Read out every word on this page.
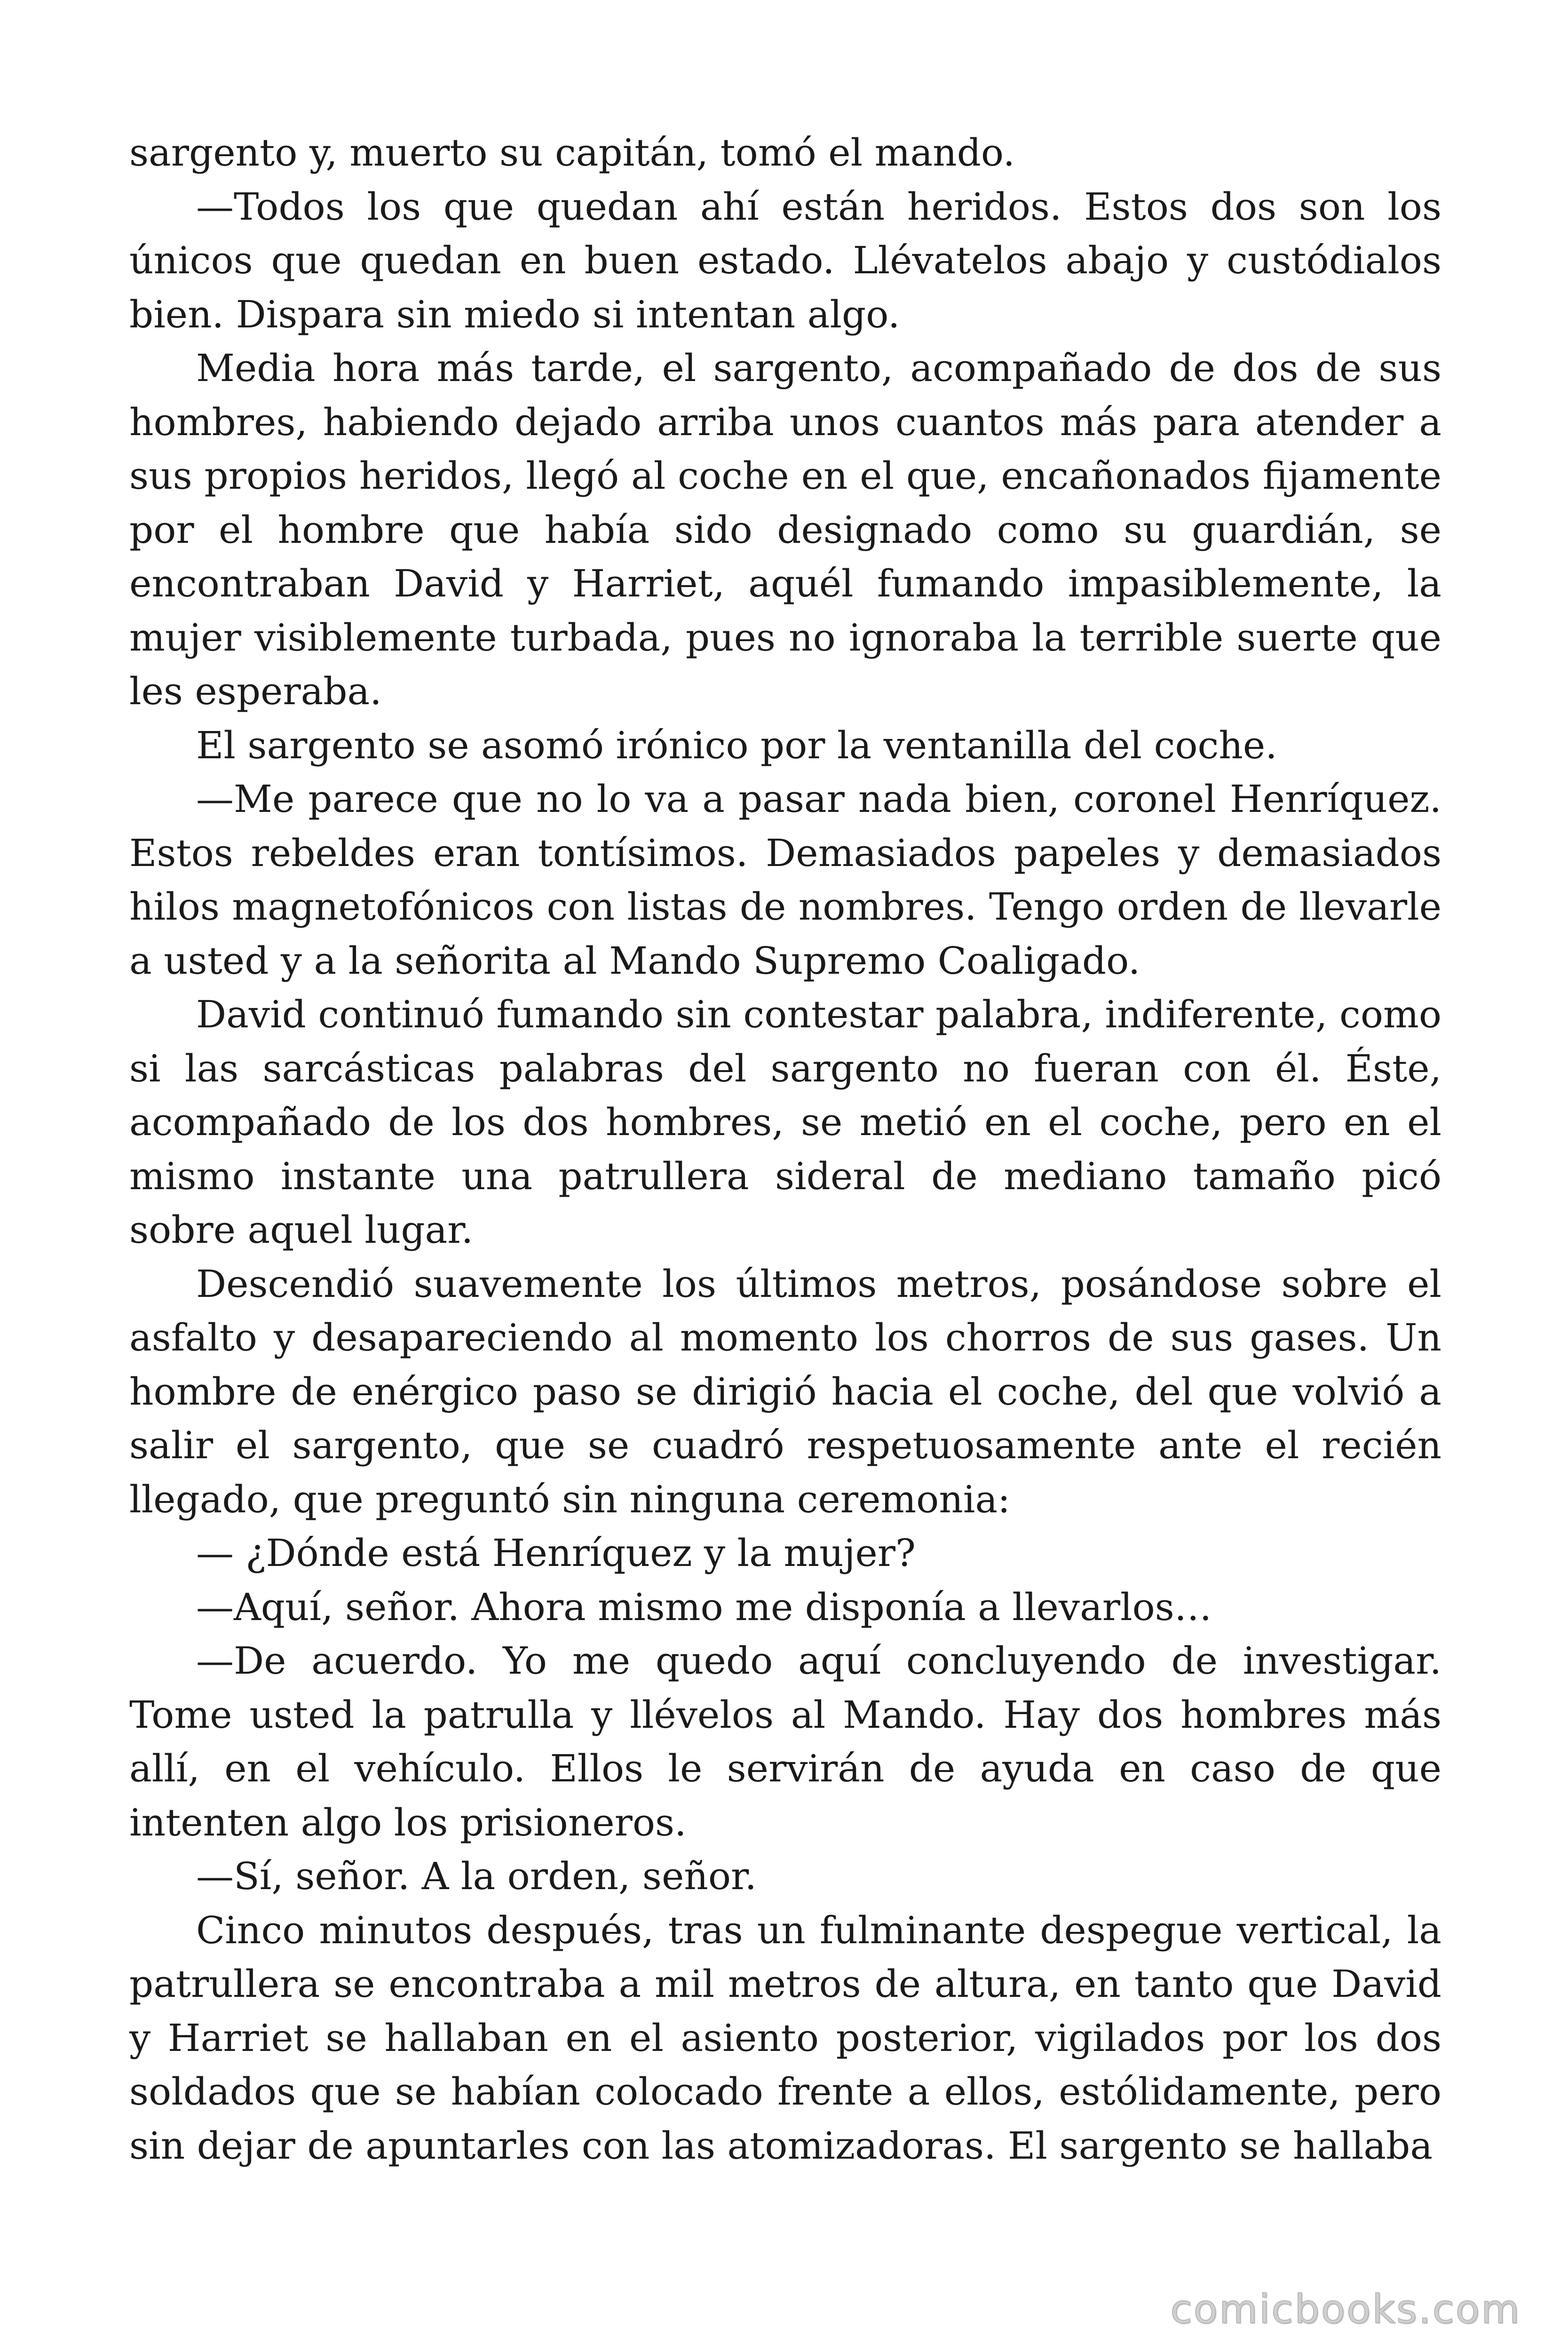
sargento y, muerto su capitán, tomó el mando.

—Todos los que quedan ahí están heridos. Estos dos son los únicos que quedan en buen estado. Llévatelos abajo y custódialos bien. Dispara sin miedo si intentan algo.

Media hora más tarde, el sargento, acompañado de dos de sus hombres, habiendo dejado arriba unos cuantos más para atender a sus propios heridos, llegó al coche en el que, encañonados fijamente por el hombre que había sido designado como su guardián, se encontraban David y Harriet, aquél fumando impasiblemente, la mujer visiblemente turbada, pues no ignoraba la terrible suerte que les esperaba.

El sargento se asomó irónico por la ventanilla del coche.

—Me parece que no lo va a pasar nada bien, coronel Henríquez. Estos rebeldes eran tontísimos. Demasiados papeles y demasiados hilos magnetofónicos con listas de nombres. Tengo orden de llevarle a usted y a la señorita al Mando Supremo Coaligado.

David continuó fumando sin contestar palabra, indiferente, como si las sarcásticas palabras del sargento no fueran con él. Éste, acompañado de los dos hombres, se metió en el coche, pero en el mismo instante una patrullera sideral de mediano tamaño picó sobre aquel lugar.

Descendió suavemente los últimos metros, posándose sobre el asfalto y desapareciendo al momento los chorros de sus gases. Un hombre de enérgico paso se dirigió hacia el coche, del que volvió a salir el sargento, que se cuadró respetuosamente ante el recién llegado, que preguntó sin ninguna ceremonia:

— ¿Dónde está Henríquez y la mujer?

—Aquí, señor. Ahora mismo me disponía a llevarlos…

—De acuerdo. Yo me quedo aquí concluyendo de investigar. Tome usted la patrulla y llévelos al Mando. Hay dos hombres más allí, en el vehículo. Ellos le servirán de ayuda en caso de que intenten algo los prisioneros.

—Sí, señor. A la orden, señor.

Cinco minutos después, tras un fulminante despegue vertical, la patrullera se encontraba a mil metros de altura, en tanto que David y Harriet se hallaban en el asiento posterior, vigilados por los dos soldados que se habían colocado frente a ellos, estólidamente, pero sin dejar de apuntarles con las atomizadoras. El sargento se hallaba

comicbooks.com
